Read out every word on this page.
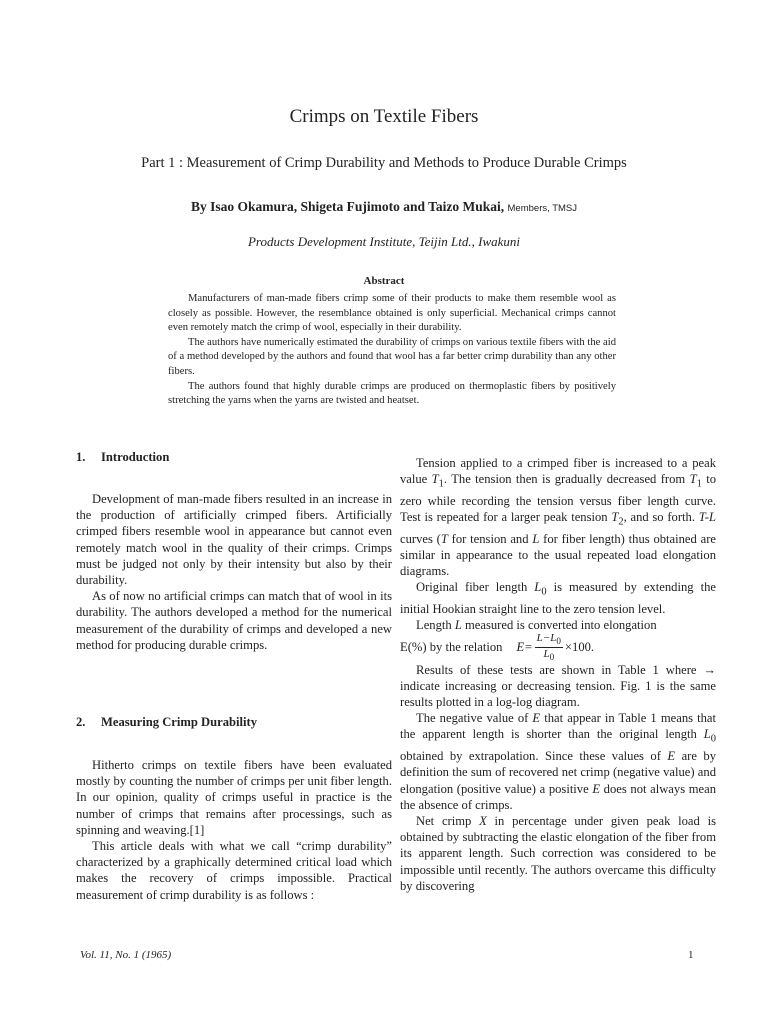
Crimps on Textile Fibers
Part 1 : Measurement of Crimp Durability and Methods to Produce Durable Crimps
By Isao Okamura, Shigeta Fujimoto and Taizo Mukai, Members, TMSJ
Products Development Institute, Teijin Ltd., Iwakuni
Abstract

Manufacturers of man-made fibers crimp some of their products to make them resemble wool as closely as possible. However, the resemblance obtained is only superficial. Mechanical crimps cannot even remotely match the crimp of wool, especially in their durability.

The authors have numerically estimated the durability of crimps on various textile fibers with the aid of a method developed by the authors and found that wool has a far better crimp durability than any other fibers.

The authors found that highly durable crimps are produced on thermoplastic fibers by positively stretching the yarns when the yarns are twisted and heatset.

1. Introduction

Development of man-made fibers resulted in an increase in the production of artificially crimped fibers. Artificially crimped fibers resemble wool in appearance but cannot even remotely match wool in the quality of their crimps. Crimps must be judged not only by their intensity but also by their durability.

As of now no artificial crimps can match that of wool in its durability. The authors developed a method for the numerical measurement of the durability of crimps and developed a new method for producing durable crimps.

2. Measuring Crimp Durability

Hitherto crimps on textile fibers have been evaluated mostly by counting the number of crimps per unit fiber length. In our opinion, quality of crimps useful in practice is the number of crimps that remains after processings, such as spinning and weaving.[1]

This article deals with what we call “crimp durability” characterized by a graphically determined critical load which makes the recovery of crimps impossible. Practical measurement of crimp durability is as follows :

Tension applied to a crimped fiber is increased to a peak value $T_1$. The tension then is gradually decreased from $T_1$ to zero while recording the tension versus fiber length curve. Test is repeated for a larger peak tension $T_2$, and so forth. T-L curves (T for tension and L for fiber length) thus obtained are similar in appearance to the usual repeated load elongation diagrams.

Original fiber length $L_0$ is measured by extending the initial Hookian straight line to the zero tension level.

Length L measured is converted into elongation

E(%) by the relation $E= \frac{L-L_0}{L_0} \times 100$.

Results of these tests are shown in Table 1 where → indicate increasing or decreasing tension. Fig. 1 is the same results plotted in a log-log diagram.

The negative value of E that appear in Table 1 means that the apparent length is shorter than the original length $L_0$ obtained by extrapolation. Since these values of E are by definition the sum of recovered net crimp (negative value) and elongation (positive value) a positive E does not always mean the absence of crimps.

Net crimp X in percentage under given peak load is obtained by subtracting the elastic elongation of the fiber from its apparent length. Such correction was considered to be impossible until recently. The authors overcame this difficulty by discovering

Vol. 11, No. 1 (1965)	1
